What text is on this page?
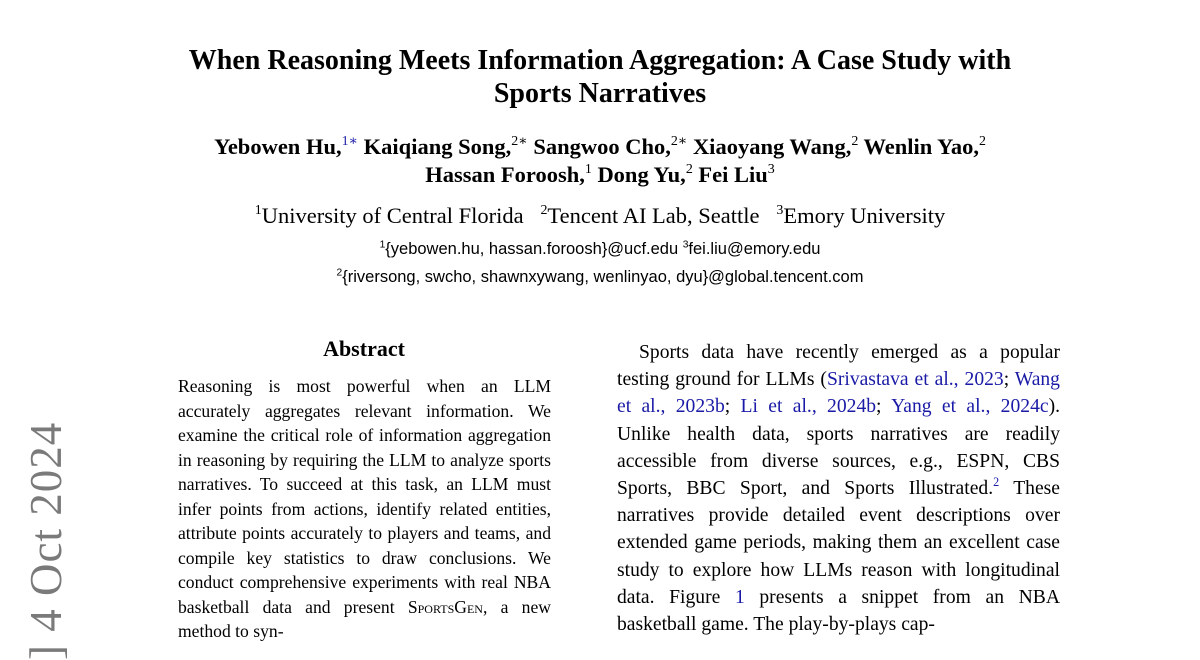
When Reasoning Meets Information Aggregation: A Case Study with
Sports Narratives
Yebowen Hu,$^{1∗}$ Kaiqiang Song,$^{2∗}$ Sangwoo Cho,$^{2∗}$ Xiaoyang Wang,$^2$ Wenlin Yao,$^2$
Hassan Foroosh,$^1$ Dong Yu,$^2$ Fei Liu$^3$
$^1$University of Central Florida $^2$Tencent AI Lab, Seattle $^3$Emory University
$^1${yebowen.hu, hassan.foroosh}@ucf.edu $^3$fei.liu@emory.edu
$^2${riversong, swcho, shawnxywang, wenlinyao, dyu}@global.tencent.com
Abstract

Reasoning is most powerful when an LLM accurately aggregates relevant information. We examine the critical role of information aggregation in reasoning by requiring the LLM to analyze sports narratives. To succeed at this task, an LLM must infer points from actions, identify related entities, attribute points accurately to players and teams, and compile key statistics to draw conclusions. We conduct comprehensive experiments with real NBA basketball data and present SportsGen, a new method to syn-

Sports data have recently emerged as a popular testing ground for LLMs (Srivastava et al., 2023; Wang et al., 2023b; Li et al., 2024b; Yang et al., 2024c). Unlike health data, sports narratives are readily accessible from diverse sources, e.g., ESPN, CBS Sports, BBC Sport, and Sports Illustrated.$^2$ These narratives provide detailed event descriptions over extended game periods, making them an excellent case study to explore how LLMs reason with longitudinal data. Figure 1 presents a snippet from an NBA basketball game. The play-by-plays cap-

] 4 Oct 2024
